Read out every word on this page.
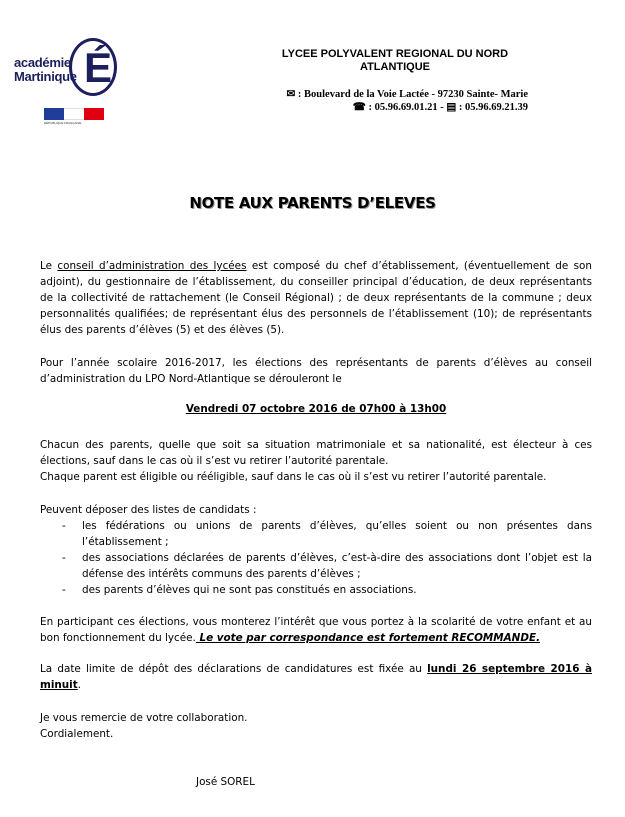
académie
Martinique É
RÉPUBLIQUE FRANÇAISE
LYCEE POLYVALENT REGIONAL DU NORD
ATLANTIQUE
✉ : Boulevard de la Voie Lactée - 97230 Sainte- Marie
☎ : 05.96.69.01.21 - ▤ : 05.96.69.21.39
NOTE AUX PARENTS D’ELEVES
Le conseil d’administration des lycées est composé du chef d’établissement, (éventuellement de son adjoint), du gestionnaire de l’établissement, du conseiller principal d’éducation, de deux représentants de la collectivité de rattachement (le Conseil Régional) ; de deux représentants de la commune ; deux personnalités qualifiées; de représentant élus des personnels de l’établissement (10); de représentants élus des parents d’élèves (5) et des élèves (5).
Pour l’année scolaire 2016-2017, les élections des représentants de parents d’élèves au conseil d’administration du LPO Nord-Atlantique se dérouleront le
Vendredi 07 octobre 2016 de 07h00 à 13h00
Chacun des parents, quelle que soit sa situation matrimoniale et sa nationalité, est électeur à ces élections, sauf dans le cas où il s’est vu retirer l’autorité parentale.
Chaque parent est éligible ou rééligible, sauf dans le cas où il s’est vu retirer l’autorité parentale.
Peuvent déposer des listes de candidats :
- les fédérations ou unions de parents d’élèves, qu’elles soient ou non présentes dans l’établissement ;
- des associations déclarées de parents d’élèves, c’est-à-dire des associations dont l’objet est la défense des intérêts communs des parents d’élèves ;
- des parents d’élèves qui ne sont pas constitués en associations.
En participant ces élections, vous monterez l’intérêt que vous portez à la scolarité de votre enfant et au bon fonctionnement du lycée. Le vote par correspondance est fortement RECOMMANDE.
La date limite de dépôt des déclarations de candidatures est fixée au lundi 26 septembre 2016 à minuit.
Je vous remercie de votre collaboration.
Cordialement.
José SOREL
